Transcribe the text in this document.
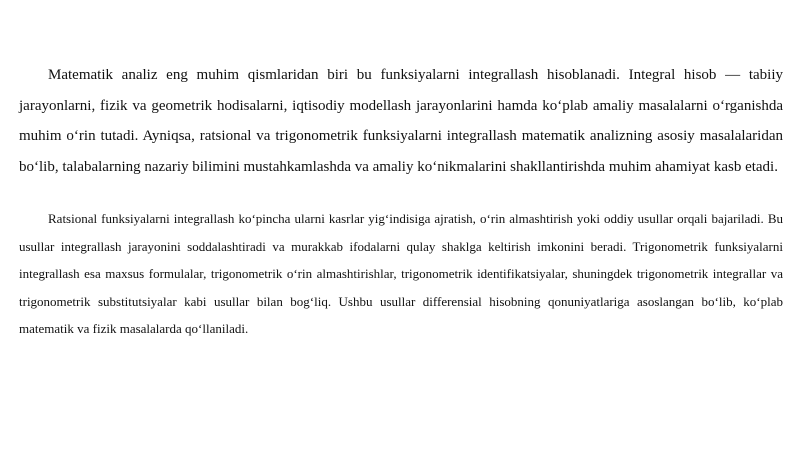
Matematik analiz eng muhim qismlaridan biri bu funksiyalarni integrallash hisoblanadi. Integral hisob — tabiiy jarayonlarni, fizik va geometrik hodisalarni, iqtisodiy modellash jarayonlarini hamda koʻplab amaliy masalalarni oʻrganishda muhim oʻrin tutadi. Ayniqsa, ratsional va trigonometrik funksiyalarni integrallash matematik analizning asosiy masalalaridan boʻlib, talabalarning nazariy bilimini mustahkamlashda va amaliy koʻnikmalarini shakllantirishda muhim ahamiyat kasb etadi.

Ratsional funksiyalarni integrallash koʻpincha ularni kasrlar yigʻindisiga ajratish, oʻrin almashtirish yoki oddiy usullar orqali bajariladi. Bu usullar integrallash jarayonini soddalashtiradi va murakkab ifodalarni qulay shaklga keltirish imkonini beradi. Trigonometrik funksiyalarni integrallash esa maxsus formulalar, trigonometrik oʻrin almashtirishlar, trigonometrik identifikatsiyalar, shuningdek trigonometrik integrallar va trigonometrik substitutsiyalar kabi usullar bilan bogʻliq. Ushbu usullar differensial hisobning qonuniyatlariga asoslangan boʻlib, koʻplab matematik va fizik masalalarda qoʻllaniladi.
